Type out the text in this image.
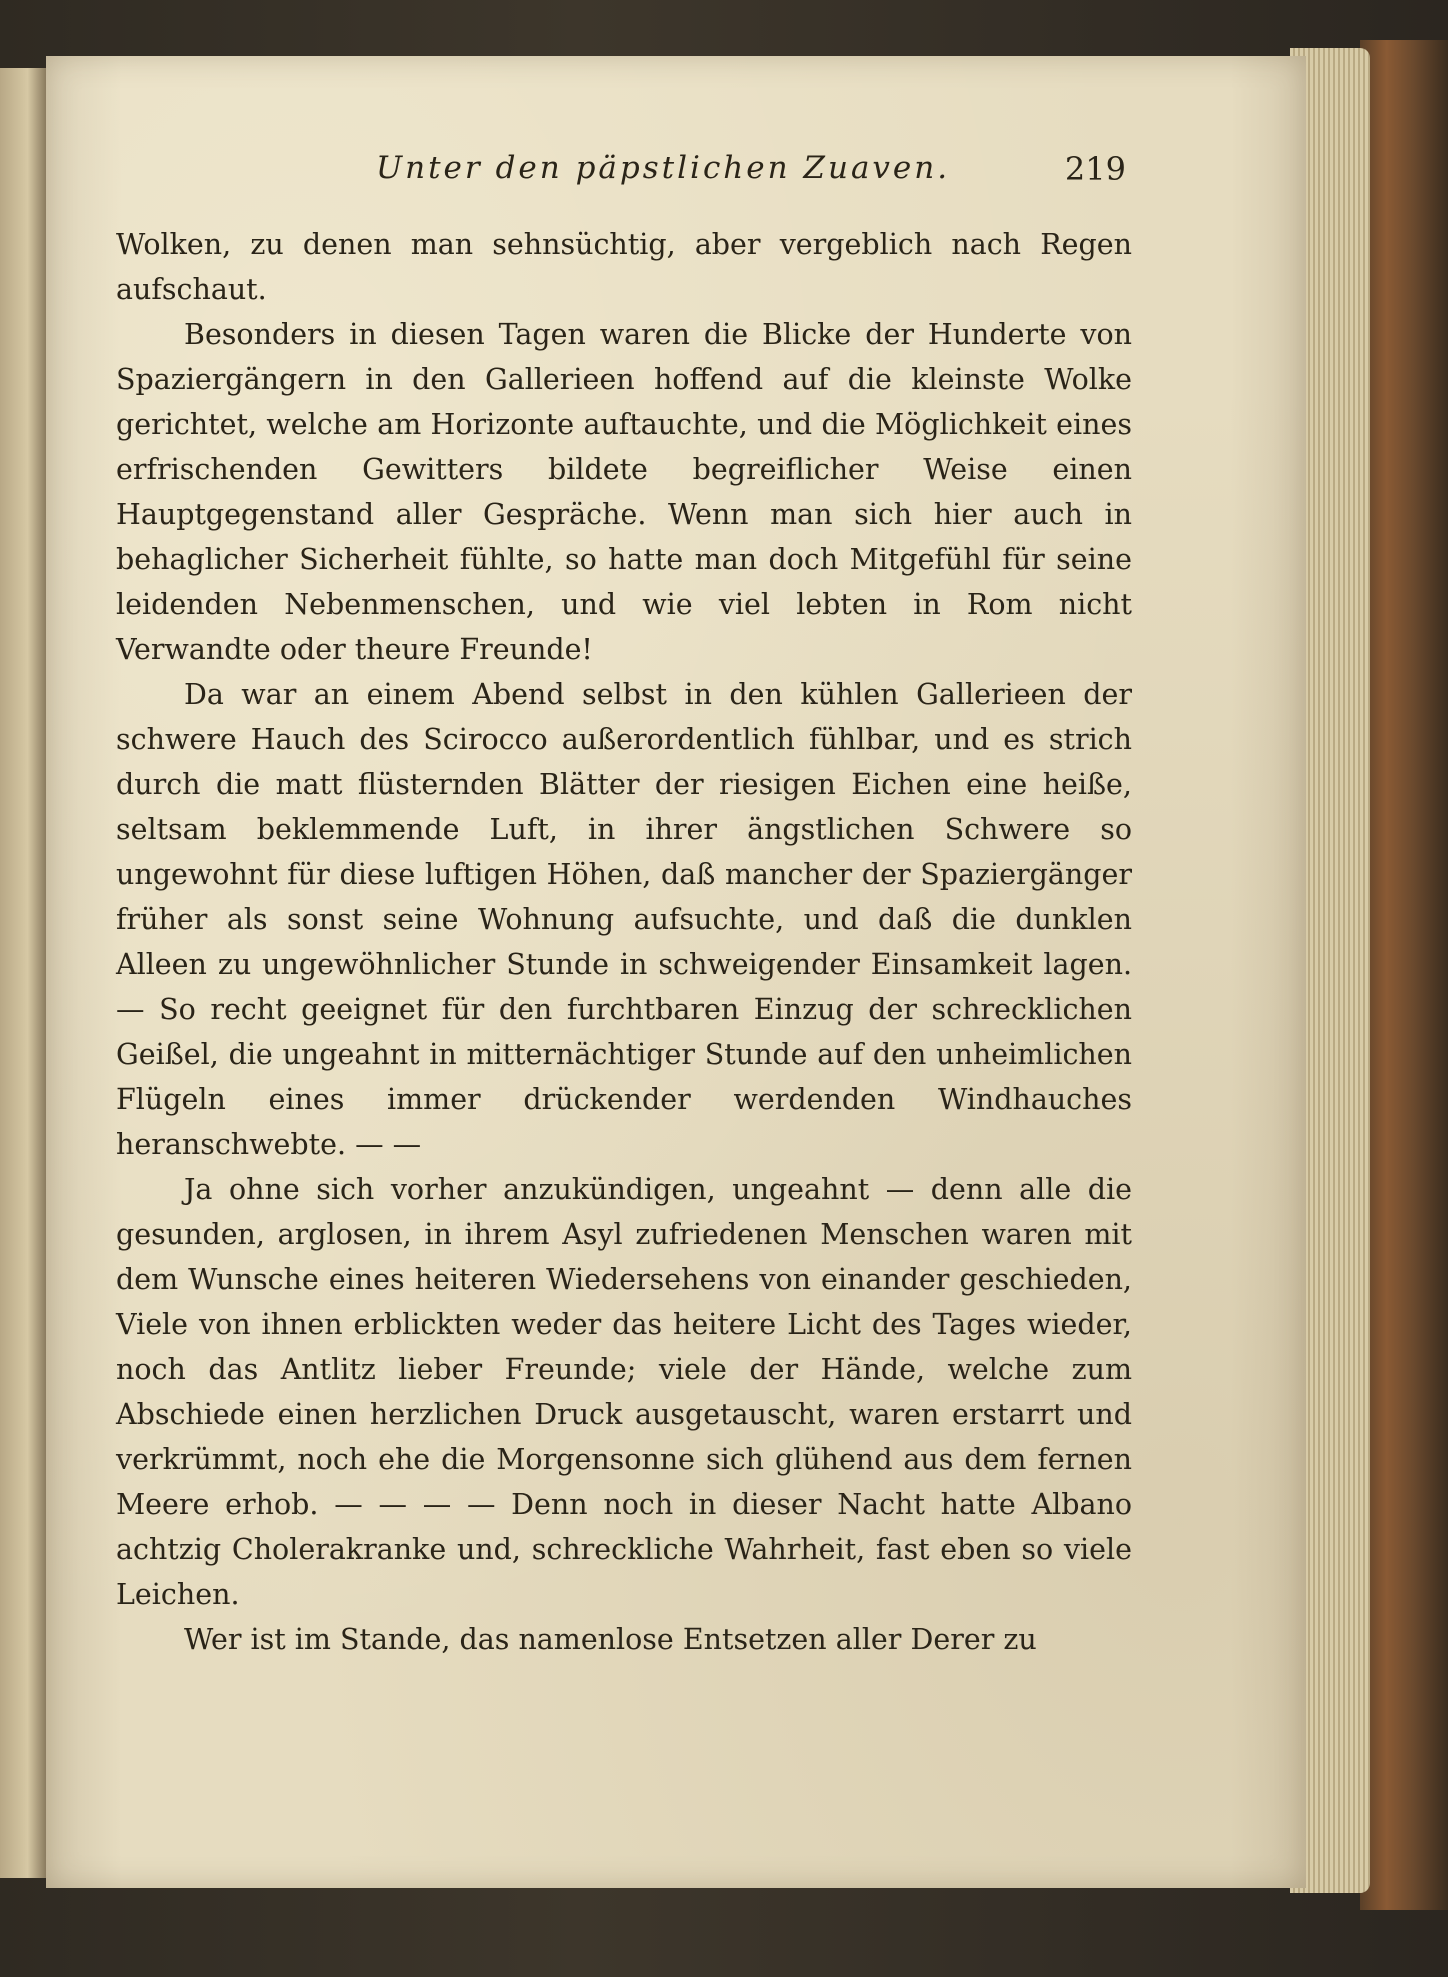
Unter den päpstlichen Zuaven.	219

Wolken, zu denen man sehnsüchtig, aber vergeblich nach Regen aufschaut.

Besonders in diesen Tagen waren die Blicke der Hunderte von Spaziergängern in den Gallerieen hoffend auf die kleinste Wolke gerichtet, welche am Horizonte auftauchte, und die Möglichkeit eines erfrischenden Gewitters bildete begreiflicher Weise einen Hauptgegenstand aller Gespräche. Wenn man sich hier auch in behaglicher Sicherheit fühlte, so hatte man doch Mitgefühl für seine leidenden Nebenmenschen, und wie viel lebten in Rom nicht Verwandte oder theure Freunde!

Da war an einem Abend selbst in den kühlen Gallerieen der schwere Hauch des Scirocco außerordentlich fühlbar, und es strich durch die matt flüsternden Blätter der riesigen Eichen eine heiße, seltsam beklemmende Luft, in ihrer ängstlichen Schwere so ungewohnt für diese luftigen Höhen, daß mancher der Spaziergänger früher als sonst seine Wohnung aufsuchte, und daß die dunklen Alleen zu ungewöhnlicher Stunde in schweigender Einsamkeit lagen. — So recht geeignet für den furchtbaren Einzug der schrecklichen Geißel, die ungeahnt in mitternächtiger Stunde auf den unheimlichen Flügeln eines immer drückender werdenden Windhauches heranschwebte. — —

Ja ohne sich vorher anzukündigen, ungeahnt — denn alle die gesunden, arglosen, in ihrem Asyl zufriedenen Menschen waren mit dem Wunsche eines heiteren Wiedersehens von einander geschieden, Viele von ihnen erblickten weder das heitere Licht des Tages wieder, noch das Antlitz lieber Freunde; viele der Hände, welche zum Abschiede einen herzlichen Druck ausgetauscht, waren erstarrt und verkrümmt, noch ehe die Morgensonne sich glühend aus dem fernen Meere erhob. — — — — Denn noch in dieser Nacht hatte Albano achtzig Cholerakranke und, schreckliche Wahrheit, fast eben so viele Leichen.

Wer ist im Stande, das namenlose Entsetzen aller Derer zu
